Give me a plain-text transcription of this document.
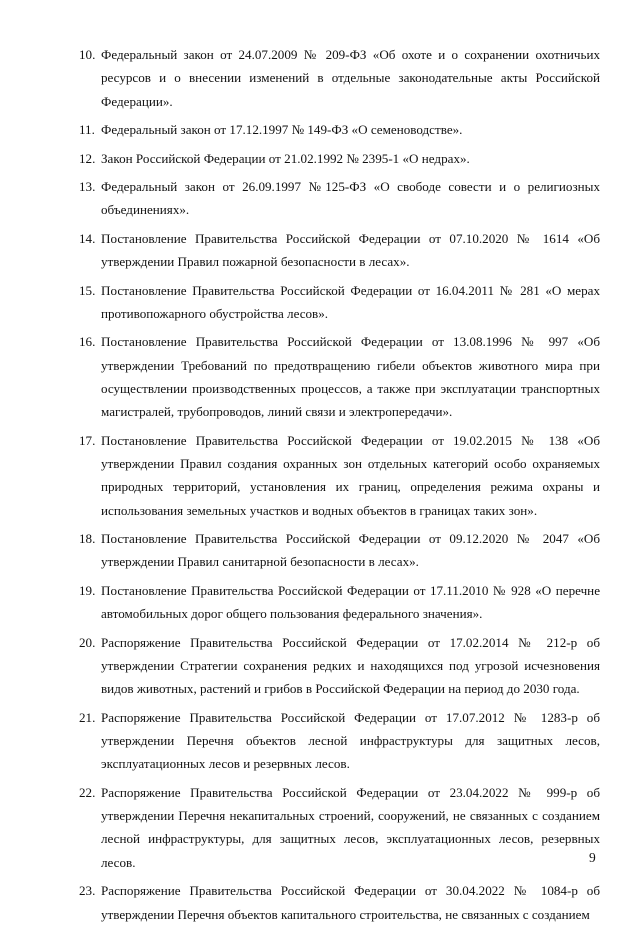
10. Федеральный закон от 24.07.2009 № 209-ФЗ «Об охоте и о сохранении охотничьих ресурсов и о внесении изменений в отдельные законодательные акты Российской Федерации».
11. Федеральный закон от 17.12.1997 № 149-ФЗ «О семеноводстве».
12. Закон Российской Федерации от 21.02.1992 № 2395-1 «О недрах».
13. Федеральный закон от 26.09.1997 №125-ФЗ «О свободе совести и о религиозных объединениях».
14. Постановление Правительства Российской Федерации от 07.10.2020 № 1614 «Об утверждении Правил пожарной безопасности в лесах».
15. Постановление Правительства Российской Федерации от 16.04.2011 № 281 «О мерах противопожарного обустройства лесов».
16. Постановление Правительства Российской Федерации от 13.08.1996 № 997 «Об утверждении Требований по предотвращению гибели объектов животного мира при осуществлении производственных процессов, а также при эксплуатации транспортных магистралей, трубопроводов, линий связи и электропередачи».
17. Постановление Правительства Российской Федерации от 19.02.2015 № 138 «Об утверждении Правил создания охранных зон отдельных категорий особо охраняемых природных территорий, установления их границ, определения режима охраны и использования земельных участков и водных объектов в границах таких зон».
18. Постановление Правительства Российской Федерации от 09.12.2020 № 2047 «Об утверждении Правил санитарной безопасности в лесах».
19. Постановление Правительства Российской Федерации от 17.11.2010 № 928 «О перечне автомобильных дорог общего пользования федерального значения».
20. Распоряжение Правительства Российской Федерации от 17.02.2014 № 212-р об утверждении Стратегии сохранения редких и находящихся под угрозой исчезновения видов животных, растений и грибов в Российской Федерации на период до 2030 года.
21. Распоряжение Правительства Российской Федерации от 17.07.2012 № 1283-р об утверждении Перечня объектов лесной инфраструктуры для защитных лесов, эксплуатационных лесов и резервных лесов.
22. Распоряжение Правительства Российской Федерации от 23.04.2022 № 999-р об утверждении Перечня некапитальных строений, сооружений, не связанных с созданием лесной инфраструктуры, для защитных лесов, эксплуатационных лесов, резервных лесов.
23. Распоряжение Правительства Российской Федерации от 30.04.2022 № 1084-р об утверждении Перечня объектов капитального строительства, не связанных с созданием
9
